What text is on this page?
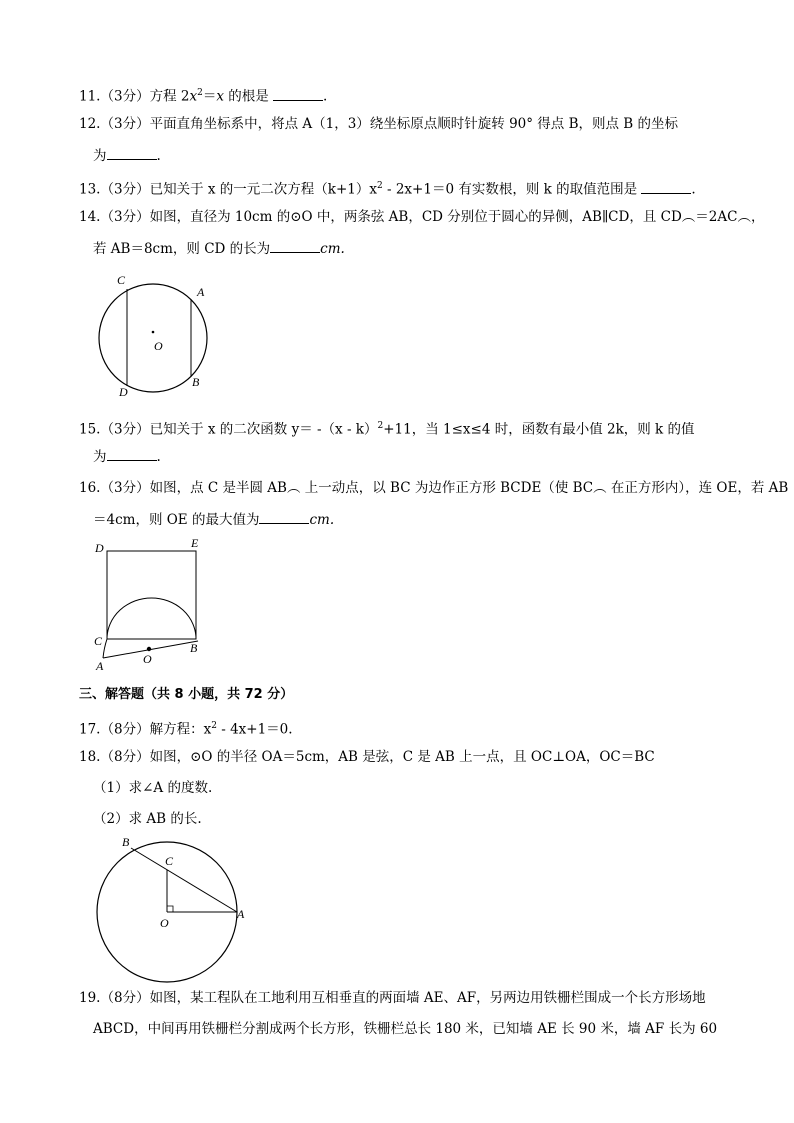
11.（3分）方程 $2x^2=x$ 的根是	.
12.（3分）平面直角坐标系中，将点 A（1，3）绕坐标原点顺时针旋转 90° 得点 B，则点 B 的坐标
为	.
13.（3分）已知关于 x 的一元二次方程$(k+1)x^2 - 2x+1=0$ 有实数根，则 k 的取值范围是	.
14.（3分）如图，直径为 10cm 的⊙O 中，两条弦 AB，CD 分别位于圆心的异侧，AB∥CD，且 CD︵＝2AC︵，
若 AB＝8cm，则 CD 的长为	cm.
C
A
O
D
B
15.（3分）已知关于 x 的二次函数 y＝ -（x - k）$^2$+11，当 1≤x≤4 时，函数有最小值 2k，则 k 的值
为	.
16.（3分）如图，点 C 是半圆 AB︵ 上一动点，以 BC 为边作正方形 BCDE（使 BC︵ 在正方形内），连 OE，若 AB
＝4cm，则 OE 的最大值为	cm.
D	E
C	B
A	O
三、解答题（共 8 小题，共 72 分）
17.（8分）解方程：$x^2 - 4x+1=0$.
18.（8分）如图，⊙O 的半径 OA＝5cm，AB 是弦，C 是 AB 上一点，且 OC⊥OA，OC＝BC
（1）求∠A 的度数.
（2）求 AB 的长.
B
C
O
A
19.（8分）如图，某工程队在工地利用互相垂直的两面墙 AE、AF，另两边用铁栅栏围成一个长方形场地
ABCD，中间再用铁栅栏分割成两个长方形，铁栅栏总长 180 米，已知墙 AE 长 90 米，墙 AF 长为 60
